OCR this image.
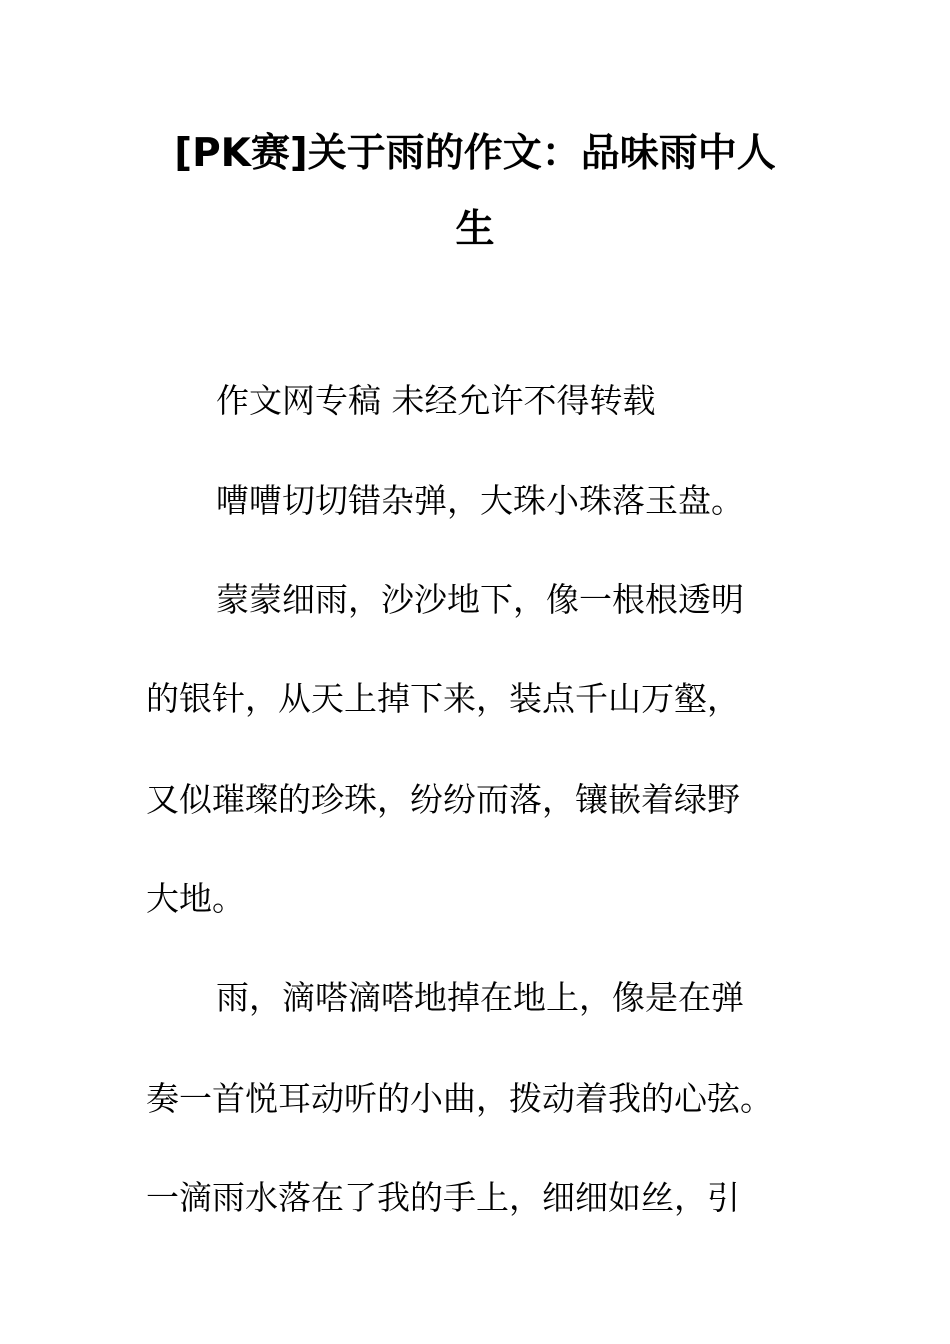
[PK赛]关于雨的作文：品味雨中人
生
作文网专稿 未经允许不得转载
嘈嘈切切错杂弹，大珠小珠落玉盘。
蒙蒙细雨，沙沙地下，像一根根透明
的银针，从天上掉下来，装点千山万壑，
又似璀璨的珍珠，纷纷而落，镶嵌着绿野
大地。
雨，滴嗒滴嗒地掉在地上，像是在弹
奏一首悦耳动听的小曲，拨动着我的心弦。
一滴雨水落在了我的手上，细细如丝，引
